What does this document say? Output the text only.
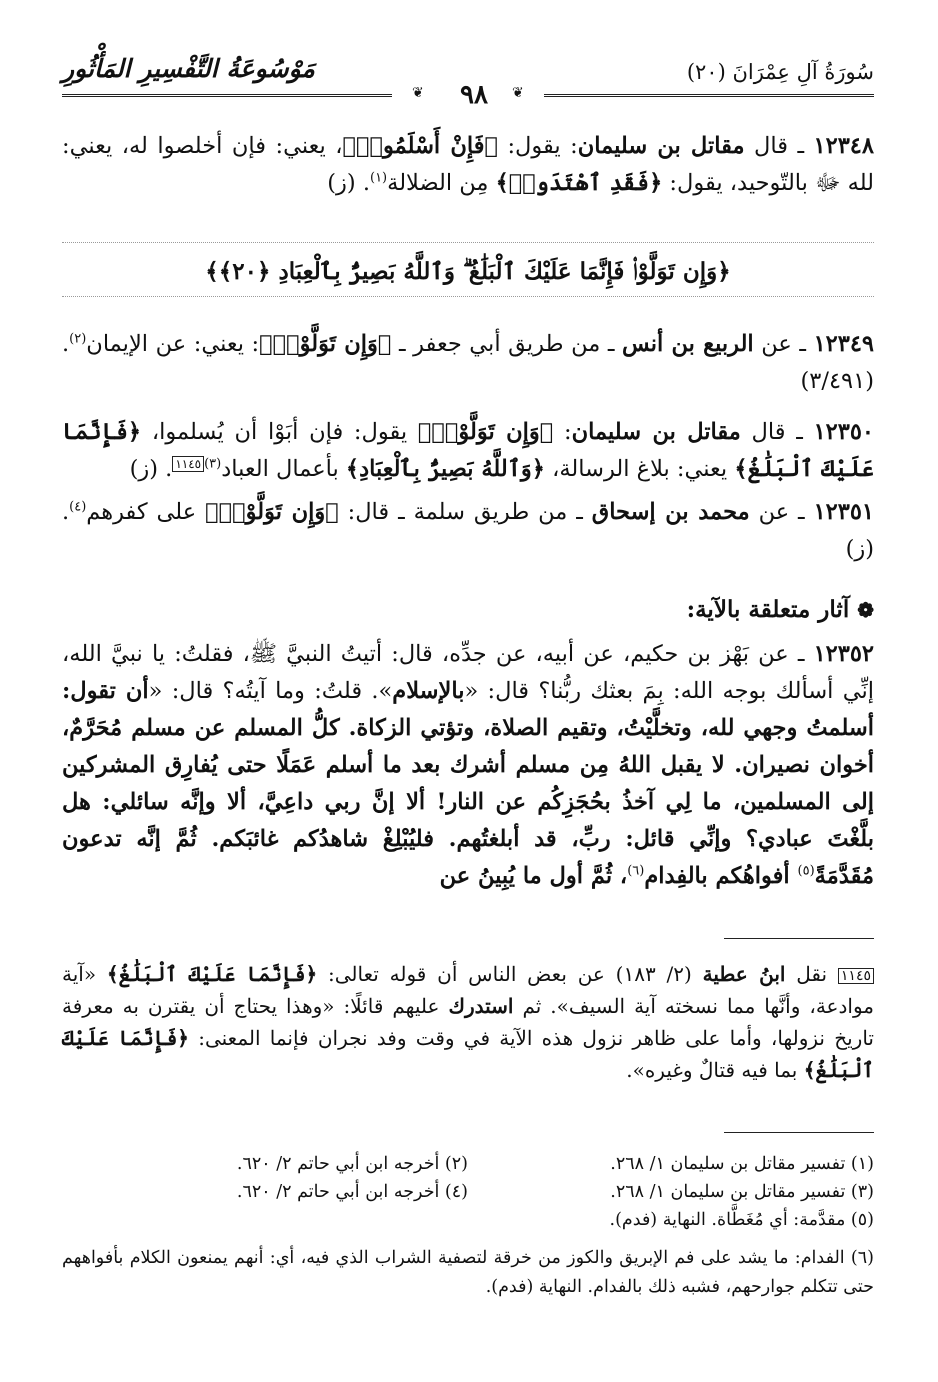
سُورَةُ آلِ عِمْرَانَ (٢٠)
مَوْسُوعَةُ التَّفْسِيرِ المَأْثُورِ
❦	❦
٩٨
١٢٣٤٨ ـ قال مقاتل بن سليمان: يقول: ﴿فَإِنْ أَسْلَمُوا۟﴾، يعني: فإن أخلصوا له، يعني: لله ﷻ بالتّوحيد، يقول: ﴿فَقَدِ ٱهْتَدَوا۟﴾ مِن الضلالة$^{(١)}$. (ز)
﴿وَإِن تَوَلَّوْا۟ فَإِنَّمَا عَلَيْكَ ٱلْبَلَٰغُ ۗ وَٱللَّهُ بَصِيرٌۢ بِٱلْعِبَادِ ﴿٢٠﴾﴾
١٢٣٤٩ ـ عن الربيع بن أنس ـ من طريق أبي جعفر ـ ﴿وَإِن تَوَلَّوْا۟﴾: يعني: عن الإيمان$^{(٢)}$. (٣/٤٩١)
١٢٣٥٠ ـ قال مقاتل بن سليمان: ﴿وَإِن تَوَلَّوْا۟﴾ يقول: فإن أبَوْا أن يُسلموا، ﴿فَإِنَّمَا عَلَيْكَ ٱلْبَلَٰغُ﴾ يعني: بلاغ الرسالة، ﴿وَٱللَّهُ بَصِيرٌۢ بِٱلْعِبَادِ﴾ بأعمال العباد$^{(٣)}$١١٤٥. (ز)
١٢٣٥١ ـ عن محمد بن إسحاق ـ من طريق سلمة ـ قال: ﴿وَإِن تَوَلَّوْا۟﴾ على كفرهم$^{(٤)}$. (ز)
❁ آثار متعلقة بالآية:
١٢٣٥٢ ـ عن بَهْز بن حكيم، عن أبيه، عن جدِّه، قال: أتيتُ النبيَّ ﷺ، فقلتُ: يا نبيَّ الله، إنِّي أسألك بوجه الله: بِمَ بعثك ربُّنا؟ قال: «بالإسلام». قلتُ: وما آيتُه؟ قال: «أن تقول: أسلمتُ وجهي لله، وتخلَّيْتُ، وتقيم الصلاة، وتؤتي الزكاة. كلُّ المسلم عن مسلم مُحَرَّمٌ، أخوان نصيران. لا يقبل اللهُ مِن مسلم أشرك بعد ما أسلم عَمَلًا حتى يُفارِق المشركين إلى المسلمين، ما لِي آخذُ بحُجَزِكُم عن النار! ألا إنَّ ربي داعِيَّ، ألا وإنَّه سائلي: هل بلَّغْتَ عبادي؟ وإنِّي قائل: ربِّ، قد أبلغتُهم. فليُبْلِغْ شاهدُكم غائبَكم. ثُمَّ إنَّه تدعون مُقَدَّمَةً$^{(٥)}$ أفواهُكم بالفِدام$^{(٦)}$، ثُمَّ أول ما يُبِينُ عن
١١٤٥ نقل ابنُ عطية (٢/ ١٨٣) عن بعض الناس أن قوله تعالى: ﴿فَإِنَّمَا عَلَيْكَ ٱلْبَلَٰغُ﴾ «آية موادعة، وأنَّها مما نسخته آية السيف». ثم استدرك عليهم قائلًا: «وهذا يحتاج أن يقترن به معرفة تاريخ نزولها، وأما على ظاهر نزول هذه الآية في وقت وفد نجران فإنما المعنى: ﴿فَإِنَّمَا عَلَيْكَ ٱلْبَلَٰغُ﴾ بما فيه قتالٌ وغيره».
(١) تفسير مقاتل بن سليمان ١/ ٢٦٨.
(٢) أخرجه ابن أبي حاتم ٢/ ٦٢٠.
(٣) تفسير مقاتل بن سليمان ١/ ٢٦٨.
(٤) أخرجه ابن أبي حاتم ٢/ ٦٢٠.
(٥) مقدَّمة: أي مُغَطَّاة. النهاية (فدم).
(٦) الفدام: ما يشد على فم الإبريق والكوز من خرقة لتصفية الشراب الذي فيه، أي: أنهم يمنعون الكلام بأفواههم حتى تتكلم جوارحهم، فشبه ذلك بالفدام. النهاية (فدم).
